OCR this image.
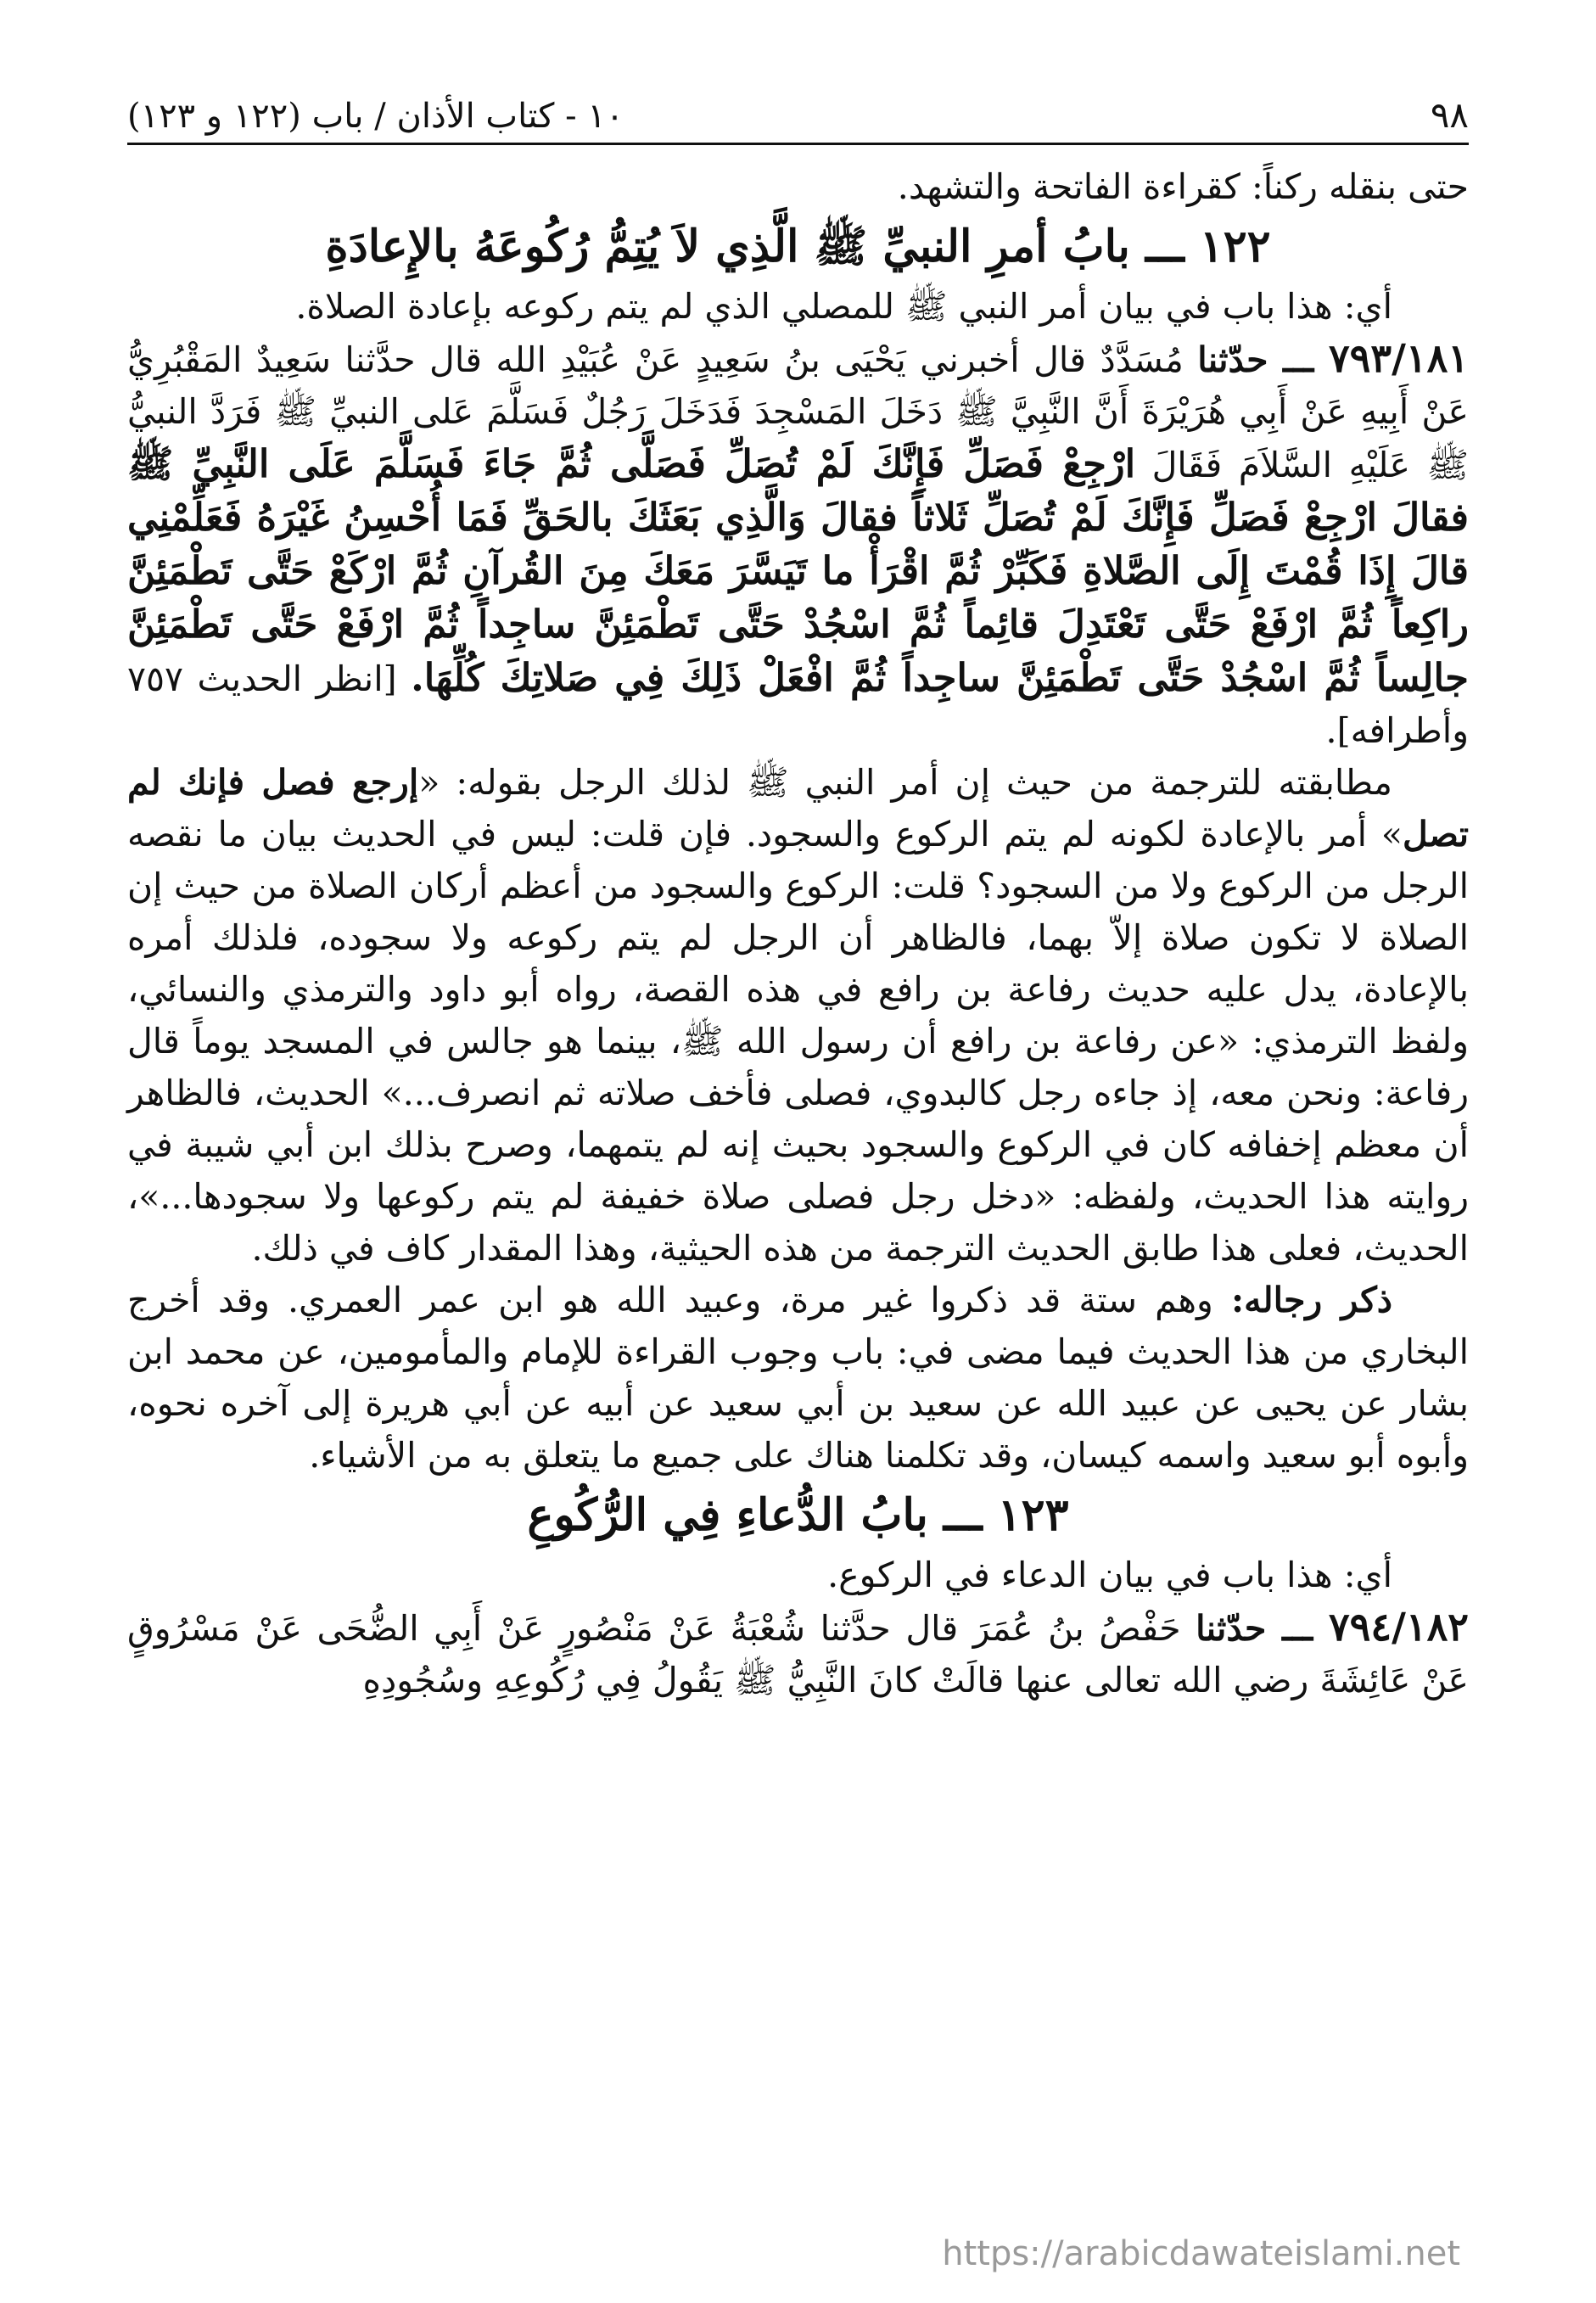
٩٨
١٠ - كتاب الأذان / باب (١٢٢ و ١٢٣)

حتى بنقله ركناً: كقراءة الفاتحة والتشهد.

١٢٢ ـــ بابُ أمرِ النبيِّ ﷺ الَّذِي لاَ يُتِمُّ رُكُوعَهُ بالإِعادَةِ

أي: هذا باب في بيان أمر النبي ﷺ للمصلي الذي لم يتم ركوعه بإعادة الصلاة.

٧٩٣/١٨١ ـــ حدّثنا مُسَدَّدٌ قال أخبرني يَحْيَى بنُ سَعِيدٍ عَنْ عُبَيْدِ الله قال حدَّثنا سَعِيدٌ المَقْبُرِيُّ عَنْ أَبِيهِ عَنْ أَبِي هُرَيْرَةَ أَنَّ النَّبِيَّ ﷺ دَخَلَ المَسْجِدَ فَدَخَلَ رَجُلٌ فَسَلَّمَ عَلى النبيِّ ﷺ فَرَدَّ النبيُّ ﷺ عَلَيْهِ السَّلاَمَ فَقَالَ ارْجِعْ فَصَلِّ فَإِنَّكَ لَمْ تُصَلِّ فَصَلَّى ثُمَّ جَاءَ فَسَلَّمَ عَلَى النَّبِيِّ ﷺ فقالَ ارْجِعْ فَصَلِّ فَإِنَّكَ لَمْ تُصَلِّ ثَلاثاً فقالَ وَالَّذِي بَعَثَكَ بالحَقِّ فَمَا أُحْسِنُ غَيْرَهُ فَعَلِّمْنِي قالَ إِذَا قُمْتَ إِلَى الصَّلاةِ فَكَبِّرْ ثُمَّ اقْرَأْ ما تَيَسَّرَ مَعَكَ مِنَ القُرآنِ ثُمَّ ارْكَعْ حَتَّى تَطْمَئِنَّ راكِعاً ثُمَّ ارْفَعْ حَتَّى تَعْتَدِلَ قائِماً ثُمَّ اسْجُدْ حَتَّى تَطْمَئِنَّ ساجِداً ثُمَّ ارْفَعْ حَتَّى تَطْمَئِنَّ جالِساً ثُمَّ اسْجُدْ حَتَّى تَطْمَئِنَّ ساجِداً ثُمَّ افْعَلْ ذَلِكَ فِي صَلاتِكَ كُلِّهَا. [انظر الحديث ٧٥٧ وأطرافه].

مطابقته للترجمة من حيث إن أمر النبي ﷺ لذلك الرجل بقوله: «إرجع فصل فإنك لم تصل» أمر بالإعادة لكونه لم يتم الركوع والسجود. فإن قلت: ليس في الحديث بيان ما نقصه الرجل من الركوع ولا من السجود؟ قلت: الركوع والسجود من أعظم أركان الصلاة من حيث إن الصلاة لا تكون صلاة إلاّ بهما، فالظاهر أن الرجل لم يتم ركوعه ولا سجوده، فلذلك أمره بالإعادة، يدل عليه حديث رفاعة بن رافع في هذه القصة، رواه أبو داود والترمذي والنسائي، ولفظ الترمذي: «عن رفاعة بن رافع أن رسول الله ﷺ، بينما هو جالس في المسجد يوماً قال رفاعة: ونحن معه، إذ جاءه رجل كالبدوي، فصلى فأخف صلاته ثم انصرف...» الحديث، فالظاهر أن معظم إخفافه كان في الركوع والسجود بحيث إنه لم يتمهما، وصرح بذلك ابن أبي شيبة في روايته هذا الحديث، ولفظه: «دخل رجل فصلى صلاة خفيفة لم يتم ركوعها ولا سجودها...»، الحديث، فعلى هذا طابق الحديث الترجمة من هذه الحيثية، وهذا المقدار كاف في ذلك.

ذكر رجاله: وهم ستة قد ذكروا غير مرة، وعبيد الله هو ابن عمر العمري. وقد أخرج البخاري من هذا الحديث فيما مضى في: باب وجوب القراءة للإمام والمأمومين، عن محمد ابن بشار عن يحيى عن عبيد الله عن سعيد بن أبي سعيد عن أبيه عن أبي هريرة إلى آخره نحوه، وأبوه أبو سعيد واسمه كيسان، وقد تكلمنا هناك على جميع ما يتعلق به من الأشياء.

١٢٣ ـــ بابُ الدُّعاءِ فِي الرُّكُوعِ

أي: هذا باب في بيان الدعاء في الركوع.

٧٩٤/١٨٢ ـــ حدّثنا حَفْصُ بنُ عُمَرَ قال حدَّثنا شُعْبَةُ عَنْ مَنْصُورٍ عَنْ أَبِي الضُّحَى عَنْ مَسْرُوقٍ عَنْ عَائِشَةَ رضي الله تعالى عنها قالَتْ كانَ النَّبِيُّ ﷺ يَقُولُ فِي رُكُوعِهِ وسُجُودِهِ

https://arabicdawateislami.net
